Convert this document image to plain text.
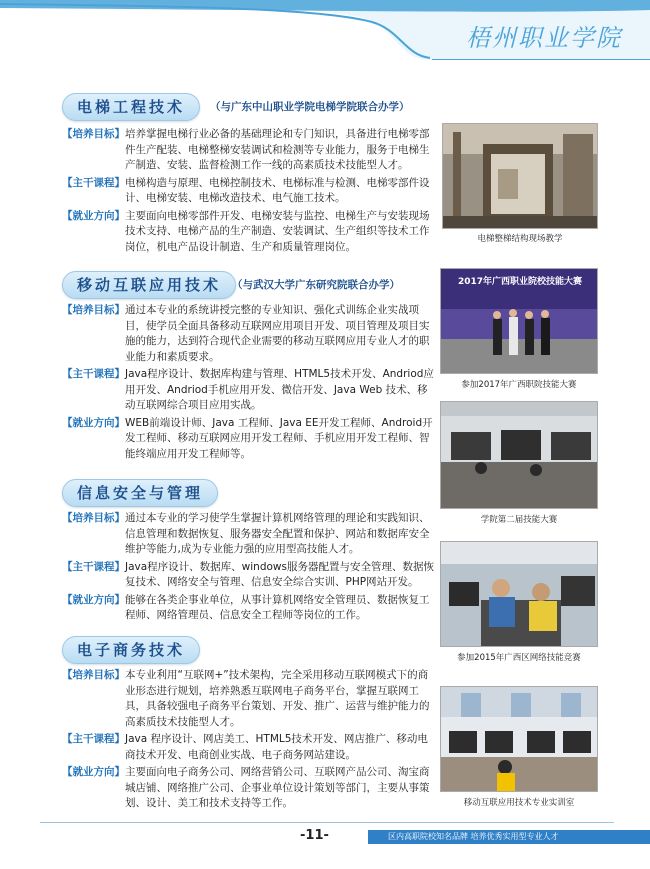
梧州职业学院
电梯工程技术	（与广东中山职业学院电梯学院联合办学）
【培养目标】 培养掌握电梯行业必备的基础理论和专门知识，具备进行电梯零部件生产配装、电梯整梯安装调试和检测等专业能力，服务于电梯生产制造、安装、监督检测工作一线的高素质技术技能型人才。
【主干课程】 电梯构造与原理、电梯控制技术、电梯标准与检测、电梯零部件设计、电梯安装、电梯改造技术、电气施工技术。
【就业方向】 主要面向电梯零部件开发、电梯安装与监控、电梯生产与安装现场技术支持、电梯产品的生产制造、安装调试、生产组织等技术工作岗位，机电产品设计制造、生产和质量管理岗位。
电梯整梯结构现场教学
移动互联应用技术	（与武汉大学广东研究院联合办学）
【培养目标】 通过本专业的系统讲授完整的专业知识、强化式训练企业实战项目，使学员全面具备移动互联网应用项目开发、项目管理及项目实施的能力，达到符合现代企业需要的移动互联网应用专业人才的职业能力和素质要求。
【主干课程】 Java程序设计、数据库构建与管理、HTML5技术开发、Andriod应用开发、Andriod手机应用开发、微信开发、Java Web 技术、移动互联网综合项目应用实战。
【就业方向】 WEB前端设计师、Java 工程师、Java EE开发工程师、Android开发工程师、移动互联网应用开发工程师、手机应用开发工程师、智能终端应用开发工程师等。
2017年广西职业院校技能大赛
参加2017年广西职院技能大赛
学院第二届技能大赛
信息安全与管理
【培养目标】 通过本专业的学习使学生掌握计算机网络管理的理论和实践知识、信息管理和数据恢复、服务器安全配置和保护、网站和数据库安全维护等能力,成为专业能力强的应用型高技能人才。
【主干课程】 Java程序设计、数据库、windows服务器配置与安全管理、数据恢复技术、网络安全与管理、信息安全综合实训、PHP网站开发。
【就业方向】 能够在各类企事业单位，从事计算机网络安全管理员、数据恢复工程师、网络管理员、信息安全工程师等岗位的工作。
参加2015年广西区网络技能竞赛
电子商务技术
【培养目标】 本专业利用“互联网+”技术架构，完全采用移动互联网模式下的商业形态进行规划，培养熟悉互联网电子商务平台，掌握互联网工具，具备较强电子商务平台策划、开发、推广、运营与维护能力的高素质技术技能型人才。
【主干课程】 Java 程序设计、网店美工、HTML5技术开发、网店推广、移动电商技术开发、电商创业实战、电子商务网站建设。
【就业方向】 主要面向电子商务公司、网络营销公司、互联网产品公司、淘宝商城店铺、网络推广公司、企事业单位设计策划等部门，主要从事策划、设计、美工和技术支持等工作。	移动互联应用技术专业实训室
-11-	区内高职院校知名品牌 培养优秀实用型专业人才
